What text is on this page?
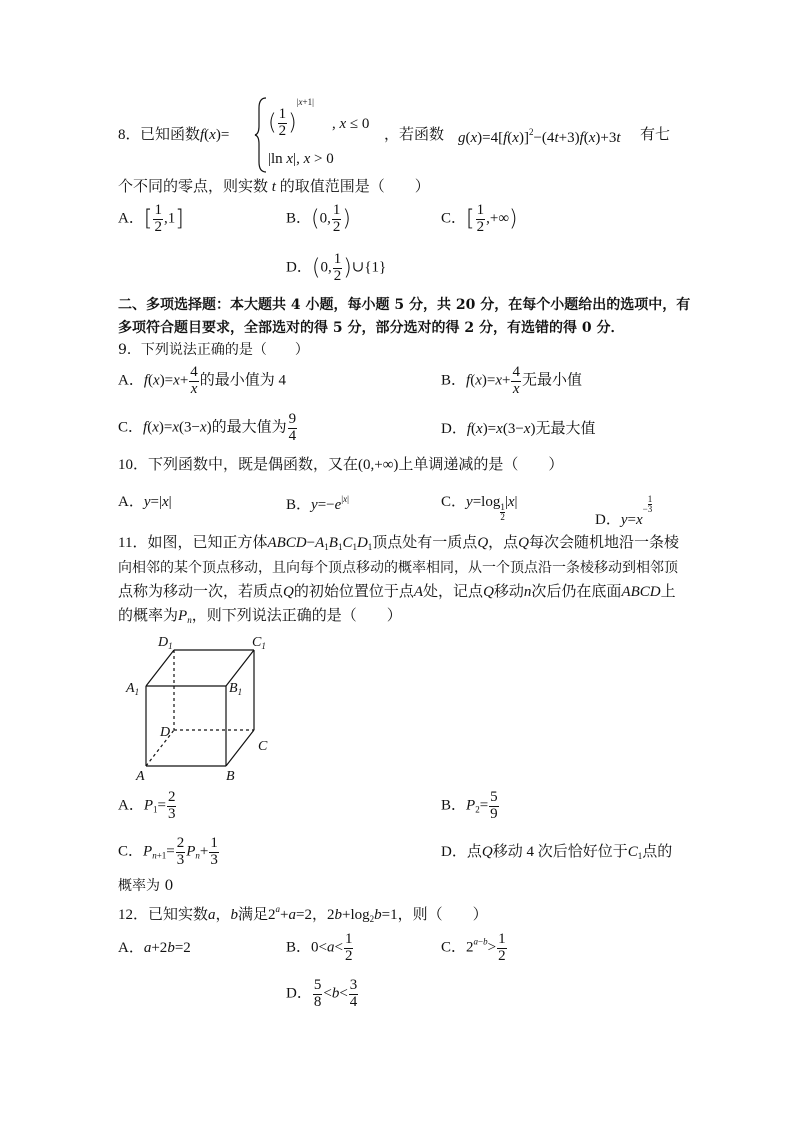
8． 已知函数 f(x)= ( $\frac{1}{2} )^{|x+1|}$
, x ≤ 0
|ln x|, x > 0
，若函数 $g(x)=4[f(x)]^2-(4t+3)f(x)+3t$ 有七
个不同的零点，则实数 t 的取值范围是（　　）
A．[ $\frac{1}{2} ,1$]	B．(0, $\frac{1}{2}$ )	C．[ $\frac{1}{2}$ ,+∞)
D．(0, $\frac{1}{2}$ )∪{1}
二、多项选择题：本大题共 4 小题，每小题 5 分，共 20 分，在每个小题给出的选项中，有
多项符合题目要求，全部选对的得 5 分，部分选对的得 2 分，有选错的得 0 分．
9．下列说法正确的是（　　）
A．$f(x)=x+ \frac{4}{x}$ 的最小值为 4	B．$f(x)=x+ \frac{4}{x}$ 无最小值
C．f(x)=x(3−x)的最大值为 $\frac{9}{4}$	D．f(x)=x(3−x)无最大值
10．下列函数中，既是偶函数，又在(0,+∞)上单调递减的是（　　）
A．y=|x|	B．$y=-e^{|x|}$	C．y=log
$\frac{1}{2}$
|x|
D．$y=x- \frac{1}{3}$
11．如图，已知正方体$ABCD-A_1B_1C_1D_1$顶点处有一质点Q，点Q每次会随机地沿一条棱
向相邻的某个顶点移动，且向每个顶点移动的概率相同，从一个顶点沿一条棱移动到相邻顶
点称为移动一次，若质点Q的初始位置位于点A处，记点Q移动n次后仍在底面ABCD上
的概率为$P_n$，则下列说法正确的是（　　）
$D_1$	$C_1$
$A_1$	$B_1$
D
C
A	B
A．$P_1= \frac{2}{3}$	B．$P_2= \frac{5}{9}$
C．$P_{n+1}= \frac{2}{3} P_n+ \frac{1}{3}$	D．点Q移动 4 次后恰好位于$C_1$点的
概率为 0
12．已知实数a，b满足$2^a+a=2$，$2b+\log_2b=1$，则（　　）
A．a+2b=2	B．$0<a< \frac{1}{2}$	C．$2^{a-b}> \frac{1}{2}$
D． $\frac{5}{8} <b< \frac{3}{4}$
